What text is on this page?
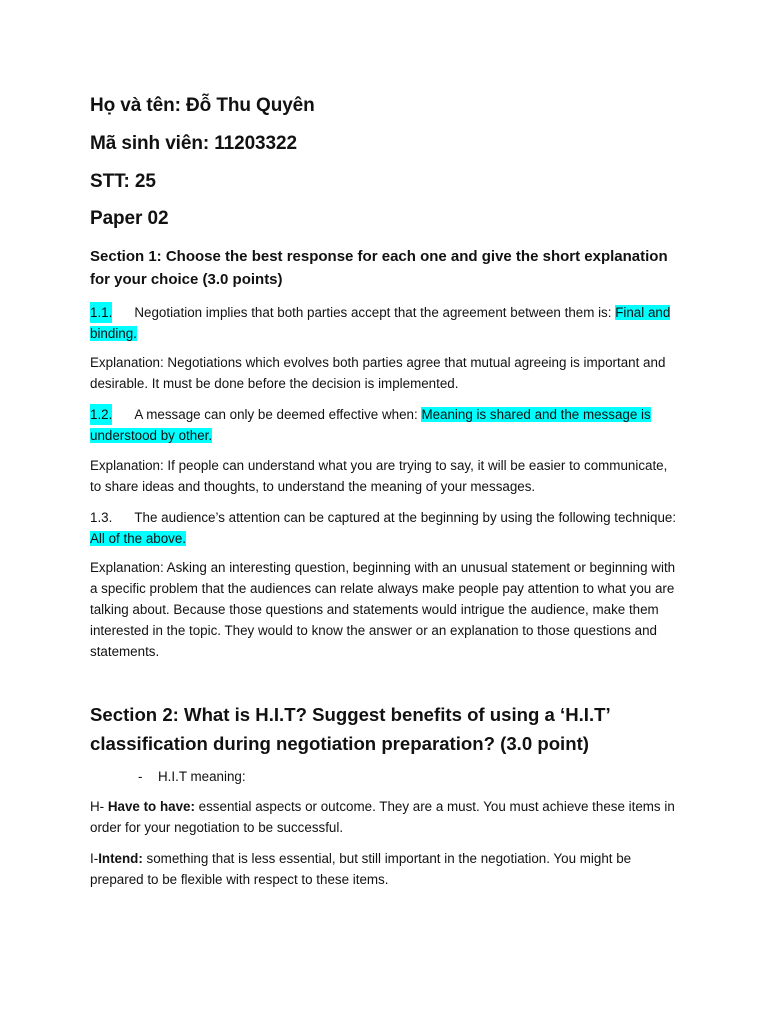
Họ và tên: Đỗ Thu Quyên
Mã sinh viên: 11203322
STT: 25
Paper 02
Section 1: Choose the best response for each one and give the short explanation for your choice (3.0 points)
1.1. Negotiation implies that both parties accept that the agreement between them is: Final and binding.
Explanation: Negotiations which evolves both parties agree that mutual agreeing is important and desirable. It must be done before the decision is implemented.
1.2. A message can only be deemed effective when: Meaning is shared and the message is understood by other.
Explanation: If people can understand what you are trying to say, it will be easier to communicate, to share ideas and thoughts, to understand the meaning of your messages.
1.3. The audience’s attention can be captured at the beginning by using the following technique: All of the above.
Explanation: Asking an interesting question, beginning with an unusual statement or beginning with a specific problem that the audiences can relate always make people pay attention to what you are talking about. Because those questions and statements would intrigue the audience, make them interested in the topic. They would to know the answer or an explanation to those questions and statements.
Section 2: What is H.I.T? Suggest benefits of using a ‘H.I.T’ classification during negotiation preparation? (3.0 point)
- H.I.T meaning:
H- Have to have: essential aspects or outcome. They are a must. You must achieve these items in order for your negotiation to be successful.
I-Intend: something that is less essential, but still important in the negotiation. You might be prepared to be flexible with respect to these items.
